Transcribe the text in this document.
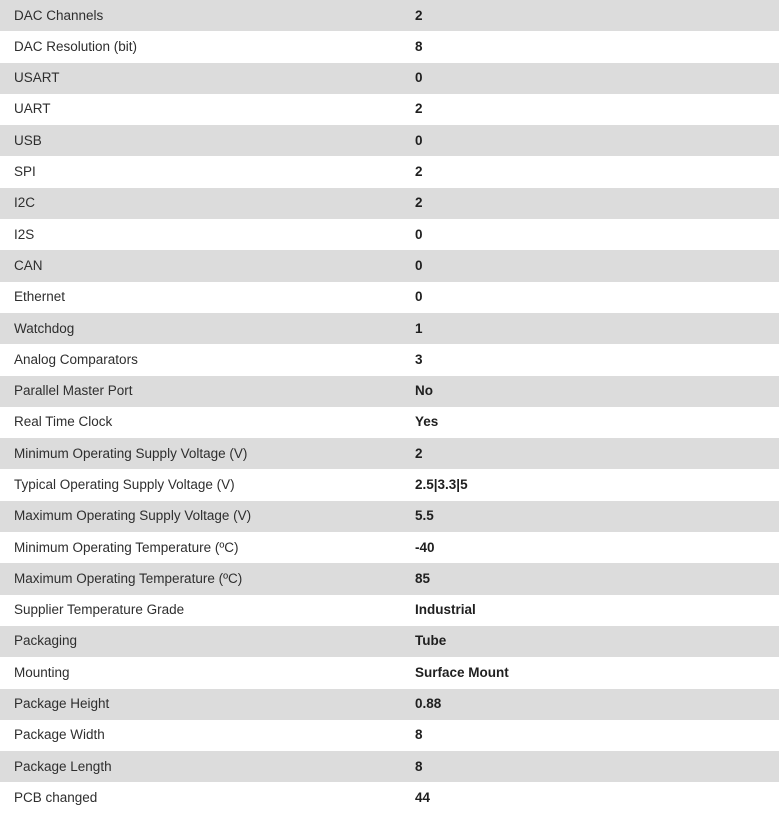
DAC Channels	2
DAC Resolution (bit)	8
USART	0
UART	2
USB	0
SPI	2
I2C	2
I2S	0
CAN	0
Ethernet	0
Watchdog	1
Analog Comparators	3
Parallel Master Port	No
Real Time Clock	Yes
Minimum Operating Supply Voltage (V)	2
Typical Operating Supply Voltage (V)	2.5|3.3|5
Maximum Operating Supply Voltage (V)	5.5
Minimum Operating Temperature (ºC)	-40
Maximum Operating Temperature (ºC)	85
Supplier Temperature Grade	Industrial
Packaging	Tube
Mounting	Surface Mount
Package Height	0.88
Package Width	8
Package Length	8
PCB changed	44
